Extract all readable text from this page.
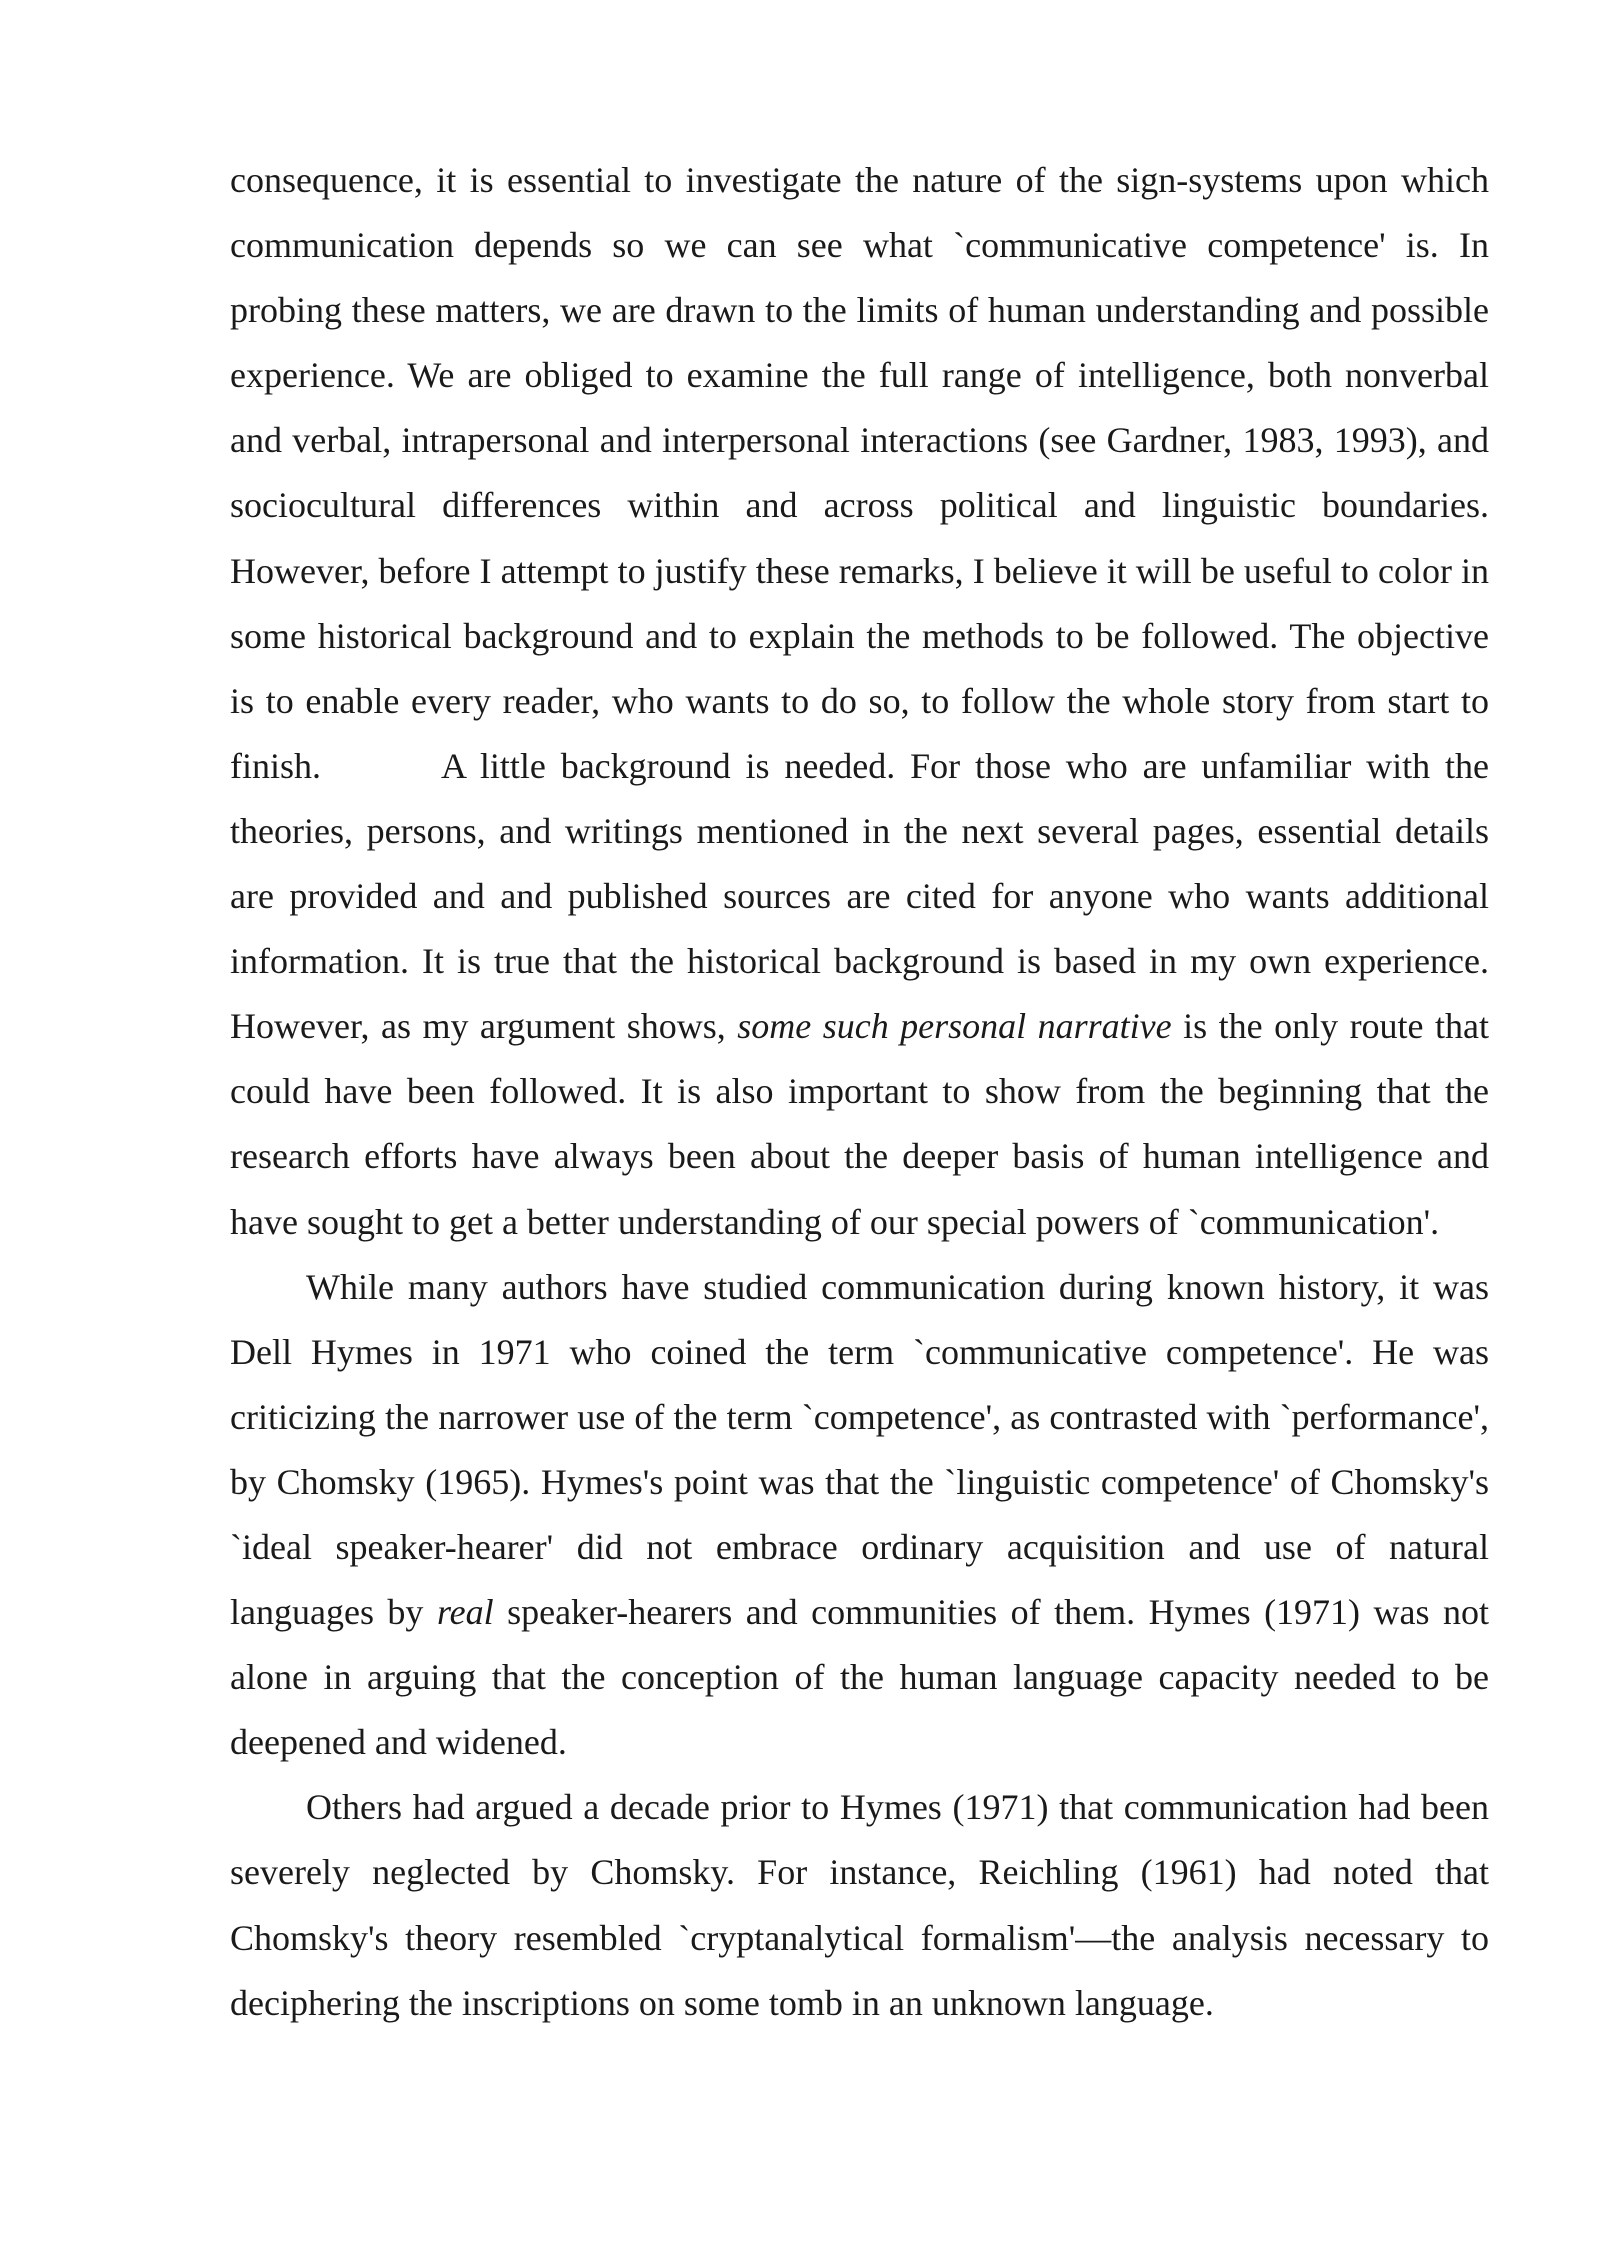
consequence, it is essential to investigate the nature of the sign-systems upon which communication depends so we can see what `communicative competence' is. In probing these matters, we are drawn to the limits of human understanding and possible experience. We are obliged to examine the full range of intelligence, both nonverbal and verbal, intrapersonal and interpersonal interactions (see Gardner, 1983, 1993), and sociocultural differences within and across political and linguistic boundaries. However, before I attempt to justify these remarks, I believe it will be useful to color in some historical background and to explain the methods to be followed. The objective is to enable every reader, who wants to do so, to follow the whole story from start to finish.	A little background is needed. For those who are unfamiliar with the theories, persons, and writings mentioned in the next several pages, essential details are provided and and published sources are cited for anyone who wants additional information. It is true that the historical background is based in my own experience. However, as my argument shows, some such personal narrative is the only route that could have been followed. It is also important to show from the beginning that the research efforts have always been about the deeper basis of human intelligence and have sought to get a better understanding of our special powers of `communication'.

While many authors have studied communication during known history, it was Dell Hymes in 1971 who coined the term `communicative competence'. He was criticizing the narrower use of the term `competence', as contrasted with `performance', by Chomsky (1965). Hymes's point was that the `linguistic competence' of Chomsky's `ideal speaker-hearer' did not embrace ordinary acquisition and use of natural languages by real speaker-hearers and communities of them. Hymes (1971) was not alone in arguing that the conception of the human language capacity needed to be deepened and widened.

Others had argued a decade prior to Hymes (1971) that communication had been severely neglected by Chomsky. For instance, Reichling (1961) had noted that Chomsky's theory resembled `cryptanalytical formalism'—the analysis necessary to deciphering the inscriptions on some tomb in an unknown language.
